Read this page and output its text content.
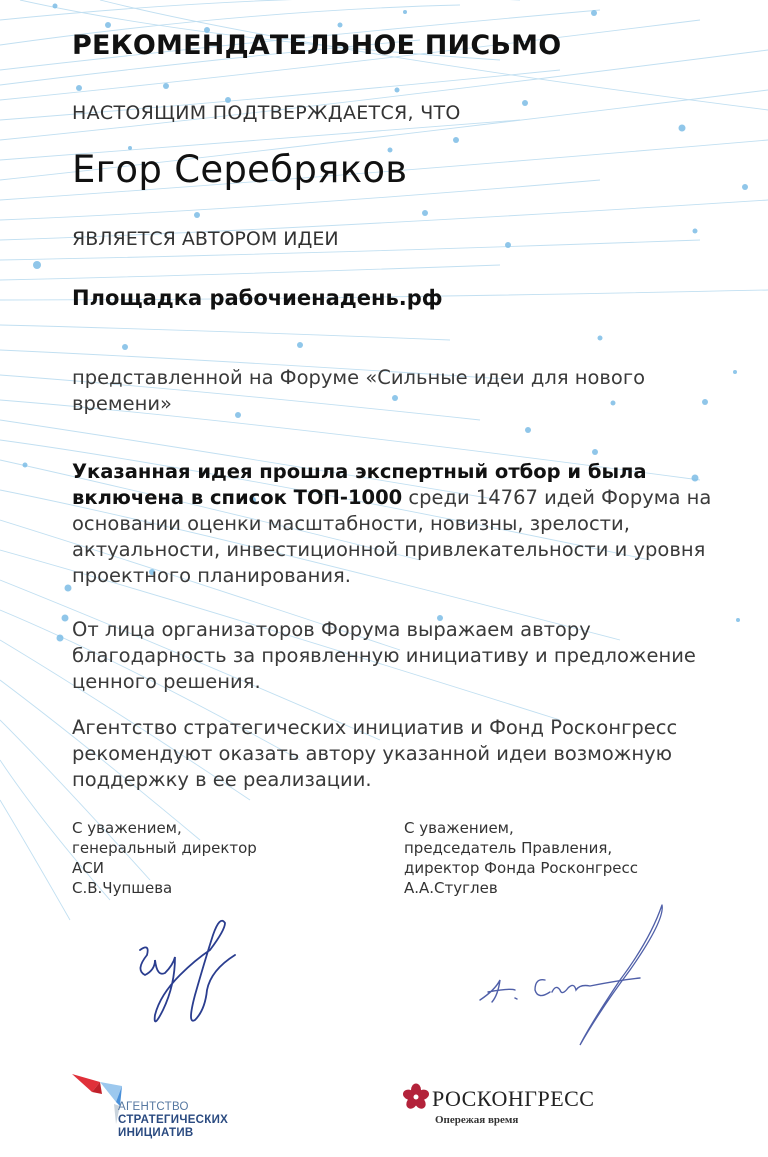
РЕКОМЕНДАТЕЛЬНОЕ ПИСЬМО
НАСТОЯЩИМ ПОДТВЕРЖДАЕТСЯ, ЧТО
Егор Серебряков
ЯВЛЯЕТСЯ АВТОРОМ ИДЕИ
Площадка рабочиенадень.рф
представленной на Форуме «Сильные идеи для нового времени»
Указанная идея прошла экспертный отбор и была включена в список ТОП-1000 среди 14767 идей Форума на основании оценки масштабности, новизны, зрелости, актуальности, инвестиционной привлекательности и уровня проектного планирования.
От лица организаторов Форума выражаем автору благодарность за проявленную инициативу и предложение ценного решения.
Агентство стратегических инициатив и Фонд Росконгресс рекомендуют оказать автору указанной идеи возможную поддержку в ее реализации.
С уважением,
генеральный директор
АСИ
С.В.Чупшева
С уважением,
председатель Правления,
директор Фонда Росконгресс
А.А.Стуглев
АГЕНТСТВО
СТРАТЕГИЧЕСКИХ
ИНИЦИАТИВ
РОСКОНГРЕСС
Опережая время
